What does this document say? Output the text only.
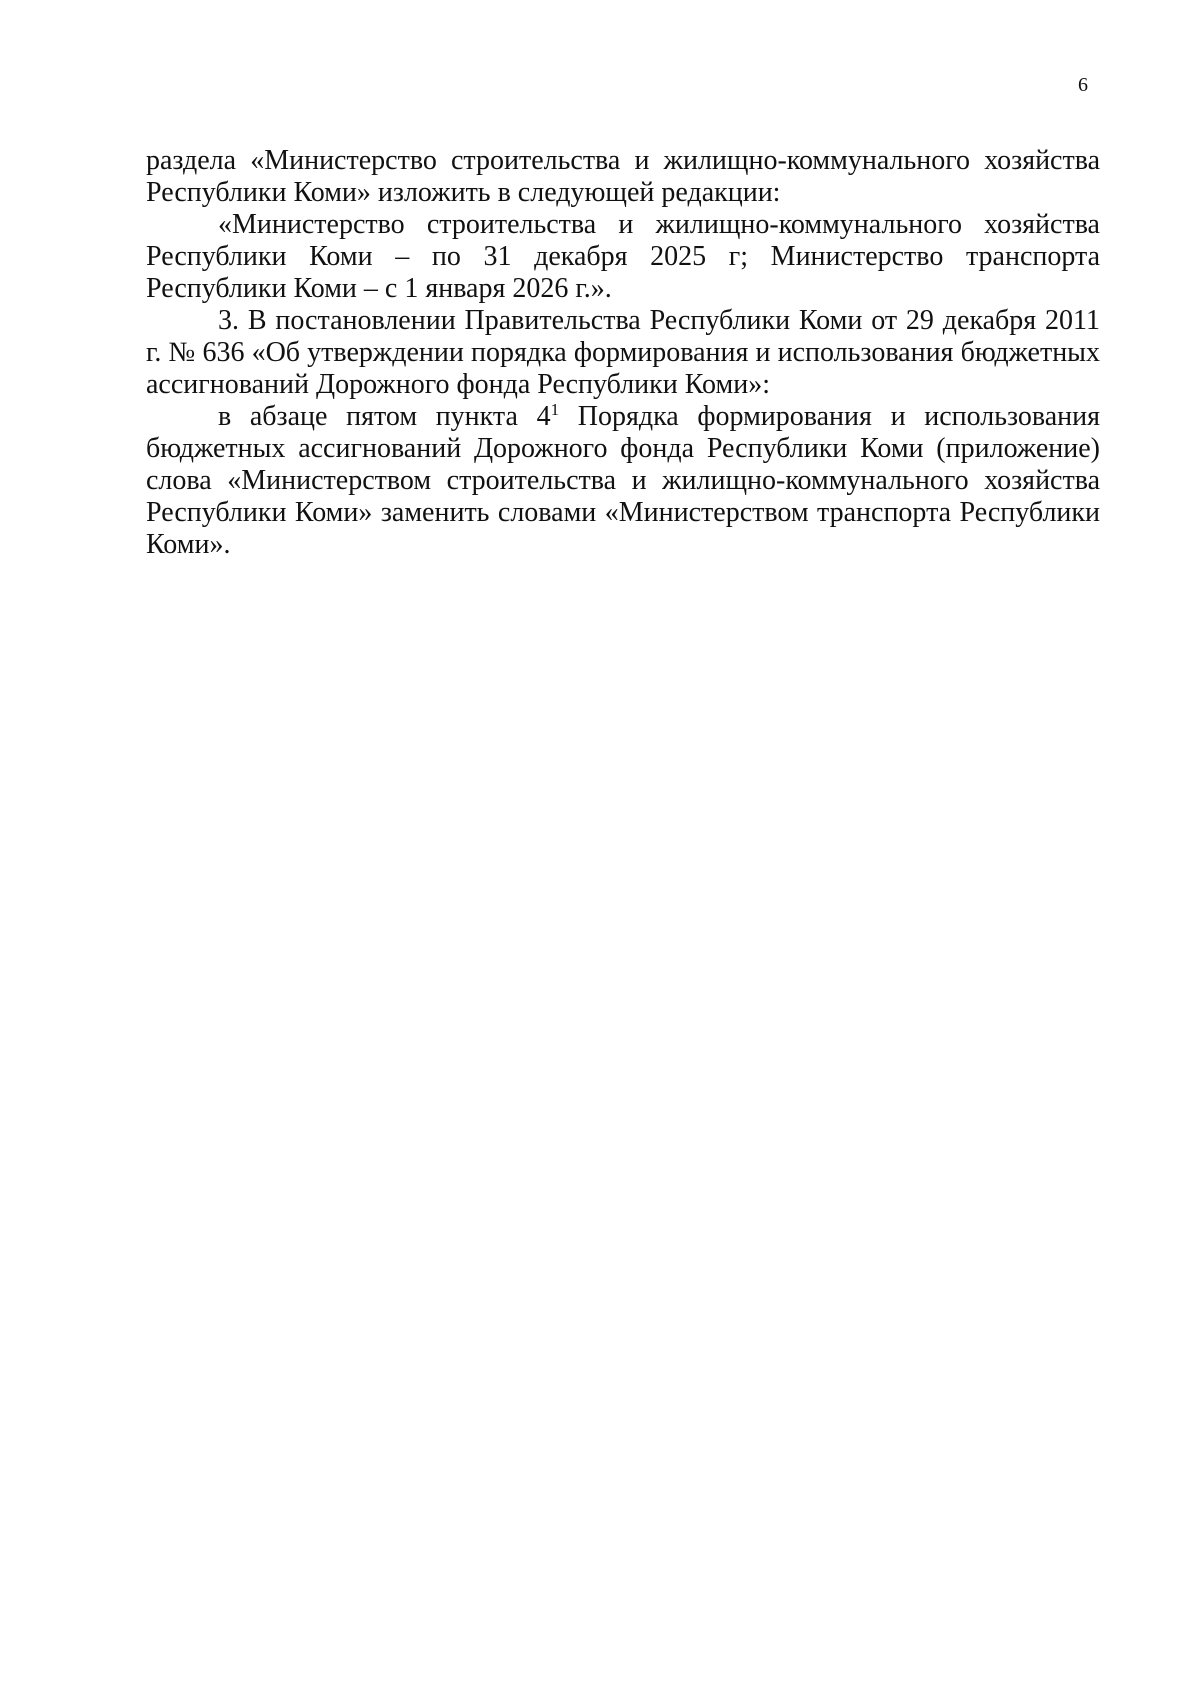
6

раздела «Министерство строительства и жилищно-коммунального хозяйства Республики Коми» изложить в следующей редакции:

«Министерство строительства и жилищно-коммунального хозяйства Республики Коми – по 31 декабря 2025 г; Министерство транспорта Республики Коми – с 1 января 2026 г.».

3. В постановлении Правительства Республики Коми от 29 декабря 2011 г. № 636 «Об утверждении порядка формирования и использования бюджетных ассигнований Дорожного фонда Республики Коми»:

в абзаце пятом пункта $4^1$ Порядка формирования и использования бюджетных ассигнований Дорожного фонда Республики Коми (приложение) слова «Министерством строительства и жилищно-коммунального хозяйства Республики Коми» заменить словами «Министерством транспорта Республики Коми».
